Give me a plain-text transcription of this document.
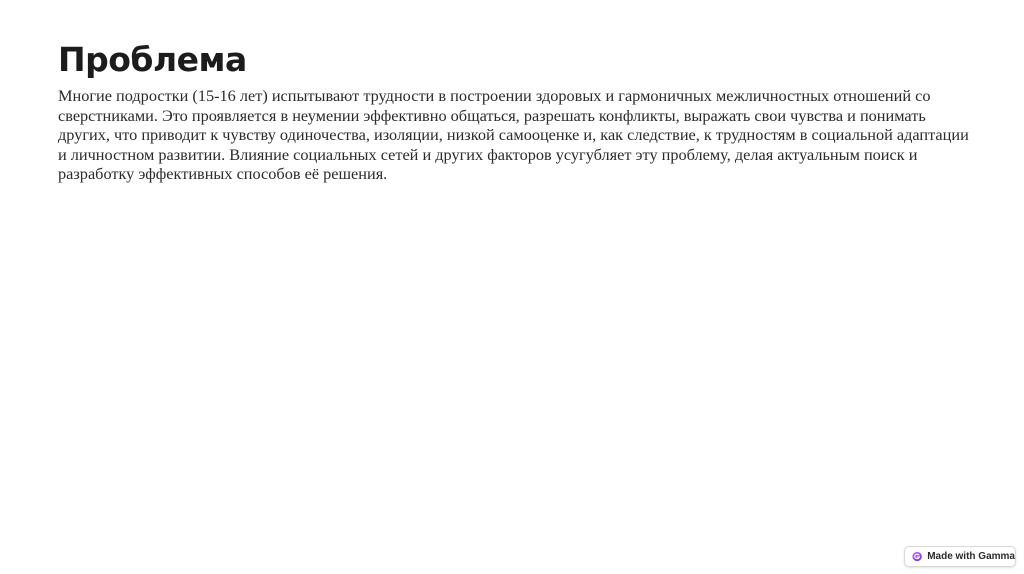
Проблема

Многие подростки (15-16 лет) испытывают трудности в построении здоровых и гармоничных межличностных отношений со сверстниками. Это проявляется в неумении эффективно общаться, разрешать конфликты, выражать свои чувства и понимать других, что приводит к чувству одиночества, изоляции, низкой самооценке и, как следствие, к трудностям в социальной адаптации и личностном развитии. Влияние социальных сетей и других факторов усугубляет эту проблему, делая актуальным поиск и разработку эффективных способов её решения.

Made with Gamma
